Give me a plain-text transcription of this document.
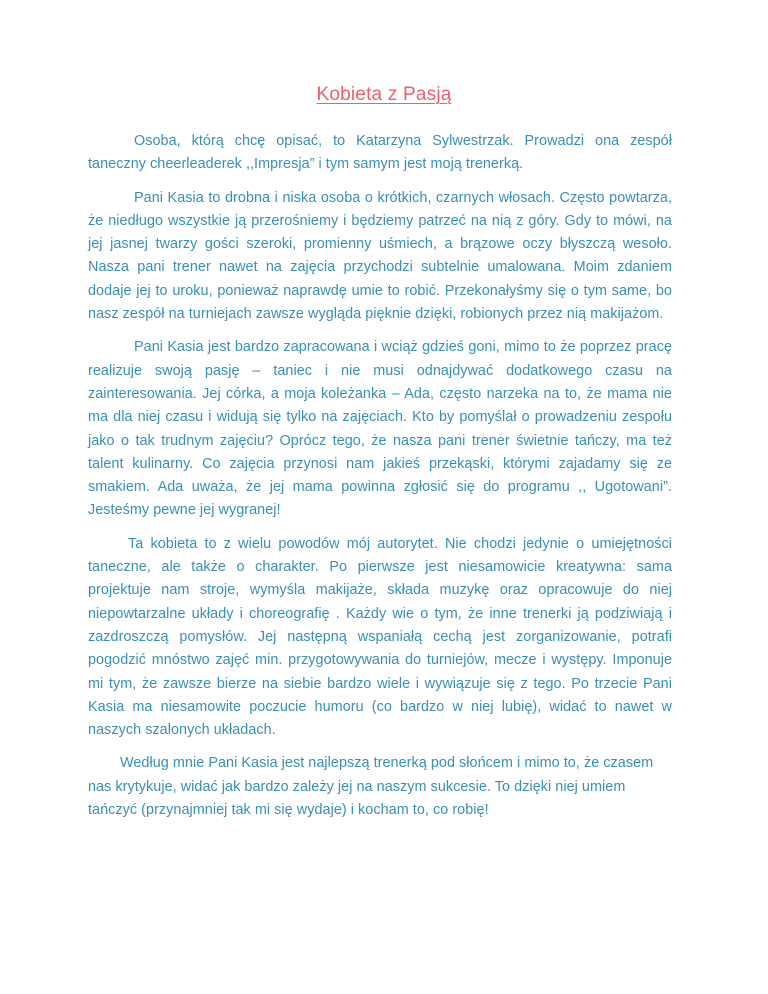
Kobieta z Pasją

Osoba, którą chcę opisać, to Katarzyna Sylwestrzak. Prowadzi ona zespół taneczny cheerleaderek ,,Impresja” i tym samym jest moją trenerką.

Pani Kasia to drobna i niska osoba o krótkich, czarnych włosach. Często powtarza, że niedługo wszystkie ją przerośniemy i będziemy patrzeć na nią z góry. Gdy to mówi, na jej jasnej twarzy gości szeroki, promienny uśmiech, a brązowe oczy błyszczą wesoło. Nasza pani trener nawet na zajęcia przychodzi subtelnie umalowana. Moim zdaniem dodaje jej to uroku, ponieważ naprawdę umie to robić. Przekonałyśmy się o tym same, bo nasz zespół na turniejach zawsze wygląda pięknie dzięki, robionych przez nią makijażom.

Pani Kasia jest bardzo zapracowana i wciąż gdzieś goni, mimo to że poprzez pracę realizuje swoją pasję – taniec i nie musi odnajdywać dodatkowego czasu na zainteresowania. Jej córka, a moja koleżanka – Ada, często narzeka na to, że mama nie ma dla niej czasu i widują się tylko na zajęciach. Kto by pomyślał o prowadzeniu zespołu jako o tak trudnym zajęciu? Oprócz tego, że nasza pani trener świetnie tańczy, ma też talent kulinarny. Co zajęcia przynosi nam jakieś przekąski, którymi zajadamy się ze smakiem. Ada uważa, że jej mama powinna zgłosić się do programu ,, Ugotowani”. Jesteśmy pewne jej wygranej!

Ta kobieta to z wielu powodów mój autorytet. Nie chodzi jedynie o umiejętności taneczne, ale także o charakter. Po pierwsze jest niesamowicie kreatywna: sama projektuje nam stroje, wymyśla makijaże, składa muzykę oraz opracowuje do niej niepowtarzalne układy i choreografię . Każdy wie o tym, że inne trenerki ją podziwiają i zazdroszczą pomysłów. Jej następną wspaniałą cechą jest zorganizowanie, potrafi pogodzić mnóstwo zajęć min. przygotowywania do turniejów, mecze i występy. Imponuje mi tym, że zawsze bierze na siebie bardzo wiele i wywiązuje się z tego. Po trzecie Pani Kasia ma niesamowite poczucie humoru (co bardzo w niej lubię), widać to nawet w naszych szalonych układach.

Według mnie Pani Kasia jest najlepszą trenerką pod słońcem i mimo to, że czasem nas krytykuje, widać jak bardzo zależy jej na naszym sukcesie. To dzięki niej umiem tańczyć (przynajmniej tak mi się wydaje) i kocham to, co robię!
